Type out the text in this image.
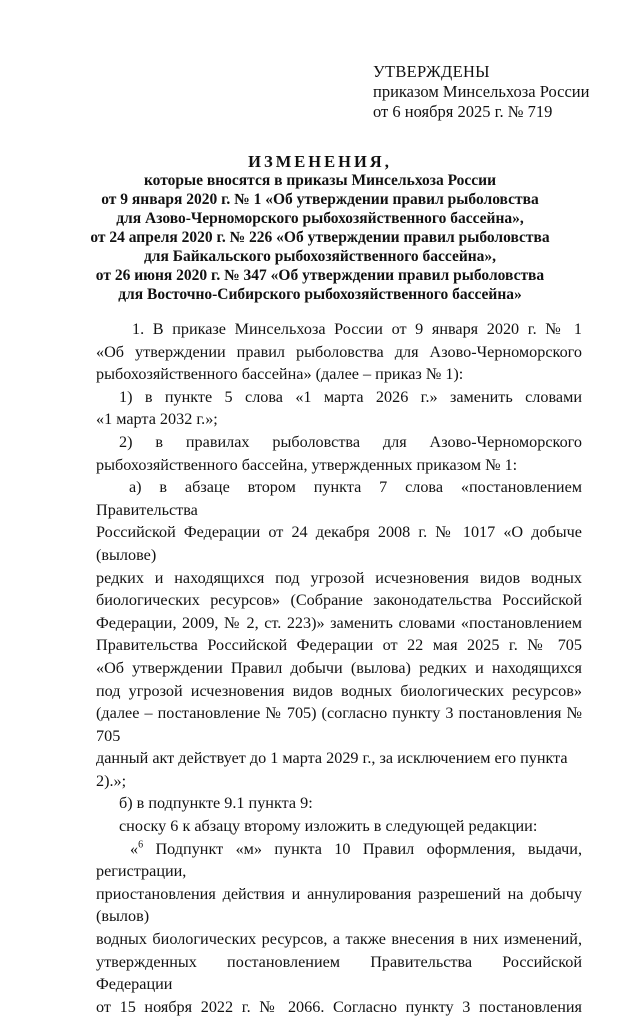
УТВЕРЖДЕНЫ
приказом Минсельхоза России
от 6 ноября 2025 г. № 719
ИЗМЕНЕНИЯ,
которые вносятся в приказы Минсельхоза России
от 9 января 2020 г. № 1 «Об утверждении правил рыболовства
для Азово-Черноморского рыбохозяйственного бассейна»,
от 24 апреля 2020 г. № 226 «Об утверждении правил рыболовства
для Байкальского рыбохозяйственного бассейна»,
от 26 июня 2020 г. № 347 «Об утверждении правил рыболовства
для Восточно-Сибирского рыбохозяйственного бассейна»

1. В приказе Минсельхоза России от 9 января 2020 г. № 1

«Об утверждении правил рыболовства для Азово-Черноморского

рыбохозяйственного бассейна» (далее – приказ № 1):

1) в пункте 5 слова «1 марта 2026 г.» заменить словами

«1 марта 2032 г.»;

2) в правилах рыболовства для Азово-Черноморского

рыбохозяйственного бассейна, утвержденных приказом № 1:

а) в абзаце втором пункта 7 слова «постановлением Правительства

Российской Федерации от 24 декабря 2008 г. № 1017 «О добыче (вылове)

редких и находящихся под угрозой исчезновения видов водных

биологических ресурсов» (Собрание законодательства Российской

Федерации, 2009, № 2, ст. 223)» заменить словами «постановлением

Правительства Российской Федерации от 22 мая 2025 г. № 705

«Об утверждении Правил добычи (вылова) редких и находящихся

под угрозой исчезновения видов водных биологических ресурсов»

(далее – постановление № 705) (согласно пункту 3 постановления № 705

данный акт действует до 1 марта 2029 г., за исключением его пункта 2).»;

б) в подпункте 9.1 пункта 9:

сноску 6 к абзацу второму изложить в следующей редакции:

«$^6$ Подпункт «м» пункта 10 Правил оформления, выдачи, регистрации,

приостановления действия и аннулирования разрешений на добычу (вылов)

водных биологических ресурсов, а также внесения в них изменений,

утвержденных постановлением Правительства Российской Федерации

от 15 ноября 2022 г. № 2066. Согласно пункту 3 постановления
